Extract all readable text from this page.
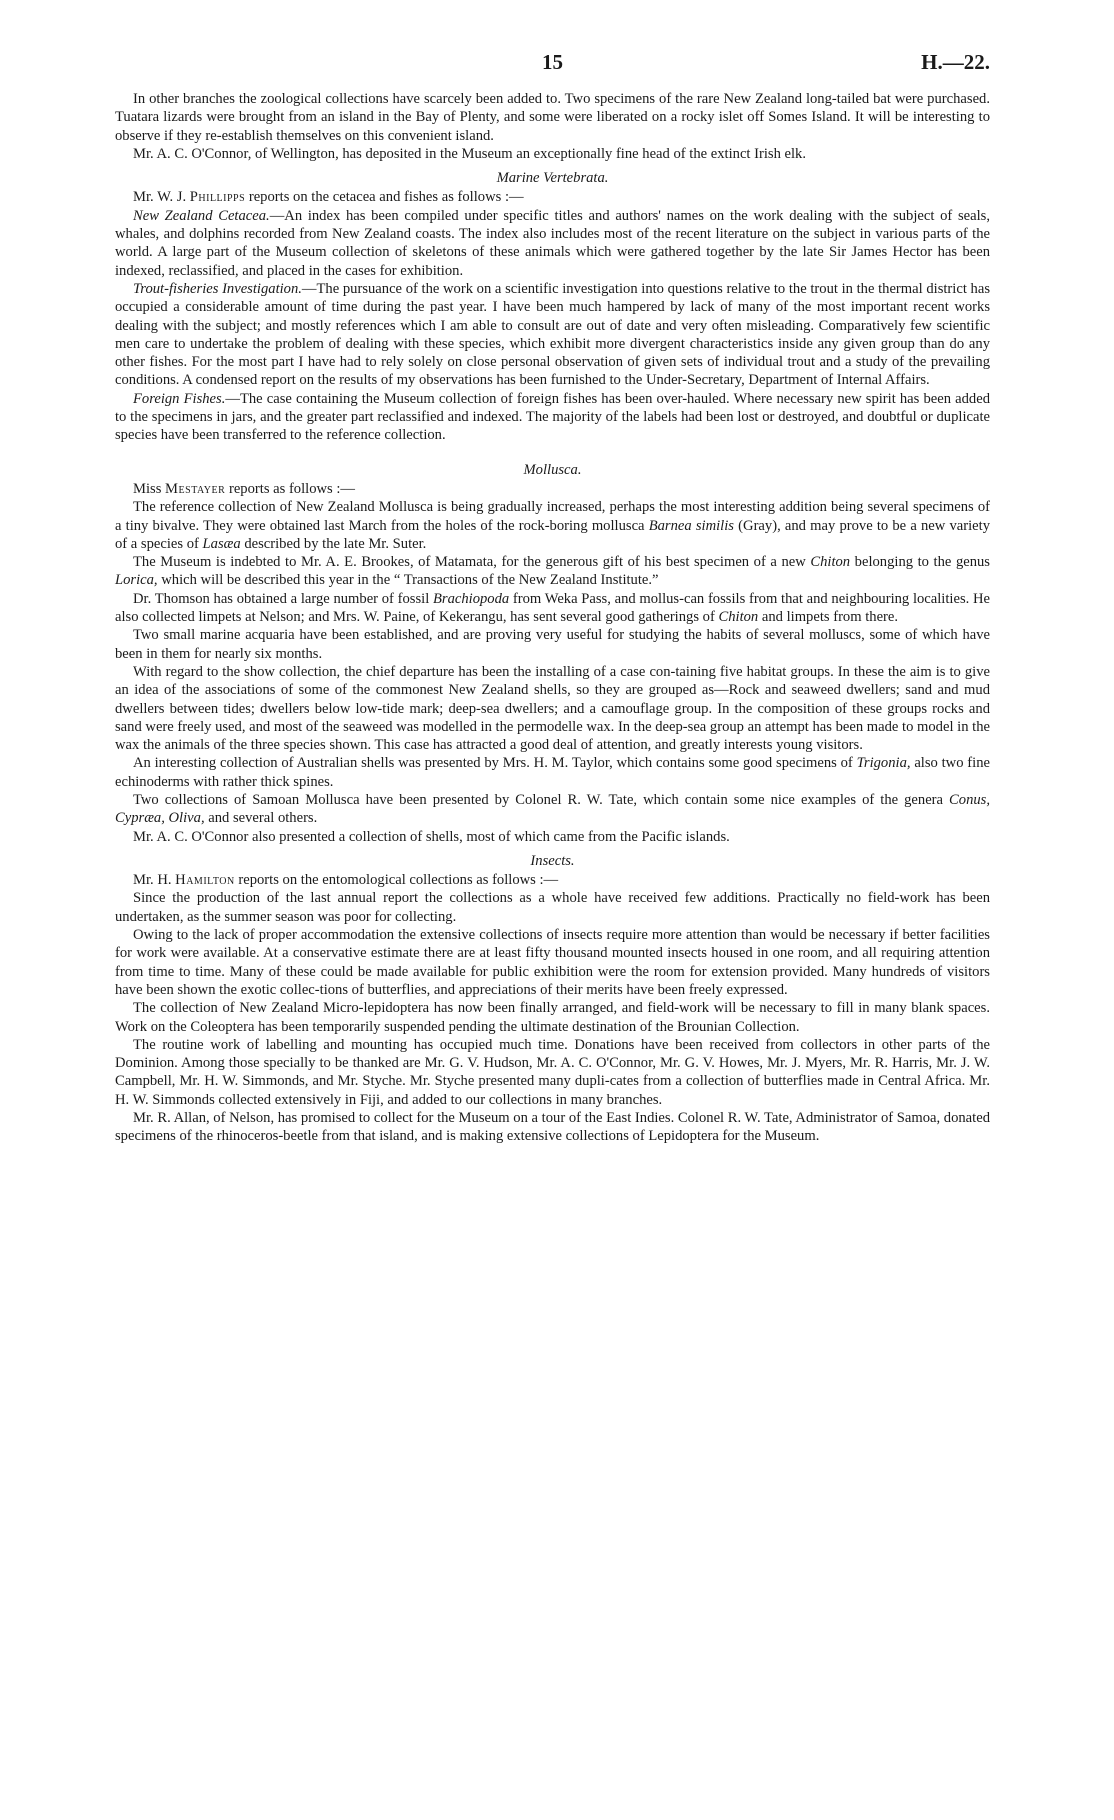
15	H.—22.

In other branches the zoological collections have scarcely been added to. Two specimens of the rare New Zealand long-tailed bat were purchased. Tuatara lizards were brought from an island in the Bay of Plenty, and some were liberated on a rocky islet off Somes Island. It will be interesting to observe if they re-establish themselves on this convenient island.

Mr. A. C. O'Connor, of Wellington, has deposited in the Museum an exceptionally fine head of the extinct Irish elk.

Marine Vertebrata.

Mr. W. J. Phillipps reports on the cetacea and fishes as follows :—

New Zealand Cetacea.—An index has been compiled under specific titles and authors' names on the work dealing with the subject of seals, whales, and dolphins recorded from New Zealand coasts. The index also includes most of the recent literature on the subject in various parts of the world. A large part of the Museum collection of skeletons of these animals which were gathered together by the late Sir James Hector has been indexed, reclassified, and placed in the cases for exhibition.

Trout-fisheries Investigation.—The pursuance of the work on a scientific investigation into questions relative to the trout in the thermal district has occupied a considerable amount of time during the past year. I have been much hampered by lack of many of the most important recent works dealing with the subject; and mostly references which I am able to consult are out of date and very often misleading. Comparatively few scientific men care to undertake the problem of dealing with these species, which exhibit more divergent characteristics inside any given group than do any other fishes. For the most part I have had to rely solely on close personal observation of given sets of individual trout and a study of the prevailing conditions. A condensed report on the results of my observations has been furnished to the Under-Secretary, Department of Internal Affairs.

Foreign Fishes.—The case containing the Museum collection of foreign fishes has been over-hauled. Where necessary new spirit has been added to the specimens in jars, and the greater part reclassified and indexed. The majority of the labels had been lost or destroyed, and doubtful or duplicate species have been transferred to the reference collection.

Mollusca.

Miss Mestayer reports as follows :—

The reference collection of New Zealand Mollusca is being gradually increased, perhaps the most interesting addition being several specimens of a tiny bivalve. They were obtained last March from the holes of the rock-boring mollusca Barnea similis (Gray), and may prove to be a new variety of a species of Lasæa described by the late Mr. Suter.

The Museum is indebted to Mr. A. E. Brookes, of Matamata, for the generous gift of his best specimen of a new Chiton belonging to the genus Lorica, which will be described this year in the “ Transactions of the New Zealand Institute.”

Dr. Thomson has obtained a large number of fossil Brachiopoda from Weka Pass, and mollus-can fossils from that and neighbouring localities. He also collected limpets at Nelson; and Mrs. W. Paine, of Kekerangu, has sent several good gatherings of Chiton and limpets from there.

Two small marine acquaria have been established, and are proving very useful for studying the habits of several molluscs, some of which have been in them for nearly six months.

With regard to the show collection, the chief departure has been the installing of a case con-taining five habitat groups. In these the aim is to give an idea of the associations of some of the commonest New Zealand shells, so they are grouped as—Rock and seaweed dwellers; sand and mud dwellers between tides; dwellers below low-tide mark; deep-sea dwellers; and a camouflage group. In the composition of these groups rocks and sand were freely used, and most of the seaweed was modelled in the permodelle wax. In the deep-sea group an attempt has been made to model in the wax the animals of the three species shown. This case has attracted a good deal of attention, and greatly interests young visitors.

An interesting collection of Australian shells was presented by Mrs. H. M. Taylor, which contains some good specimens of Trigonia, also two fine echinoderms with rather thick spines.

Two collections of Samoan Mollusca have been presented by Colonel R. W. Tate, which contain some nice examples of the genera Conus, Cypræa, Oliva, and several others.

Mr. A. C. O'Connor also presented a collection of shells, most of which came from the Pacific islands.

Insects.

Mr. H. Hamilton reports on the entomological collections as follows :—

Since the production of the last annual report the collections as a whole have received few additions. Practically no field-work has been undertaken, as the summer season was poor for collecting.

Owing to the lack of proper accommodation the extensive collections of insects require more attention than would be necessary if better facilities for work were available. At a conservative estimate there are at least fifty thousand mounted insects housed in one room, and all requiring attention from time to time. Many of these could be made available for public exhibition were the room for extension provided. Many hundreds of visitors have been shown the exotic collec-tions of butterflies, and appreciations of their merits have been freely expressed.

The collection of New Zealand Micro-lepidoptera has now been finally arranged, and field-work will be necessary to fill in many blank spaces. Work on the Coleoptera has been temporarily suspended pending the ultimate destination of the Brounian Collection.

The routine work of labelling and mounting has occupied much time. Donations have been received from collectors in other parts of the Dominion. Among those specially to be thanked are Mr. G. V. Hudson, Mr. A. C. O'Connor, Mr. G. V. Howes, Mr. J. Myers, Mr. R. Harris, Mr. J. W. Campbell, Mr. H. W. Simmonds, and Mr. Styche. Mr. Styche presented many dupli-cates from a collection of butterflies made in Central Africa. Mr. H. W. Simmonds collected extensively in Fiji, and added to our collections in many branches.

Mr. R. Allan, of Nelson, has promised to collect for the Museum on a tour of the East Indies. Colonel R. W. Tate, Administrator of Samoa, donated specimens of the rhinoceros-beetle from that island, and is making extensive collections of Lepidoptera for the Museum.
